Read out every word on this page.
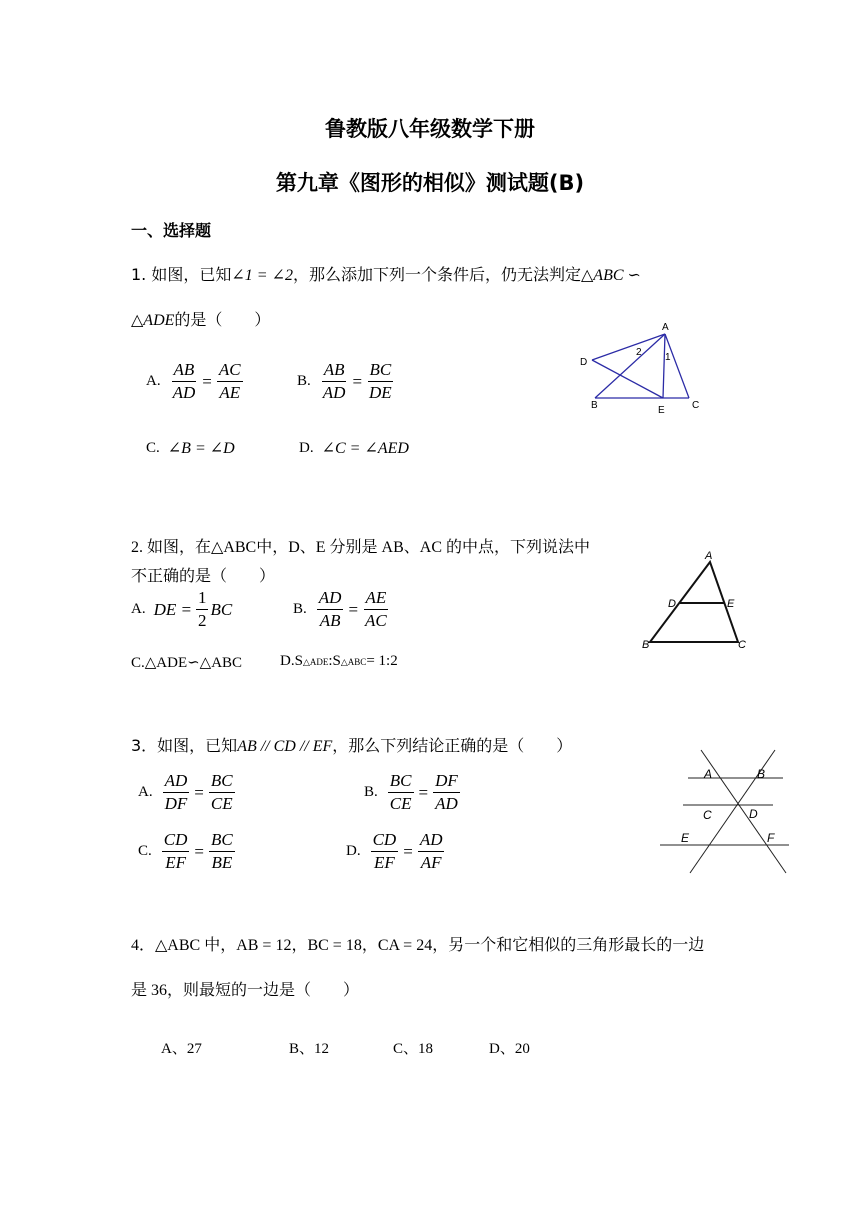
鲁教版八年级数学下册
第九章《图形的相似》测试题(B)
一、选择题
1. 如图，已知∠1 = ∠2，那么添加下列一个条件后，仍无法判定△ABC ∽
△ADE的是（　　）
A. $\frac{AB}{AD} = \frac{AC}{AE}$	B. $\frac{AB}{AD} = \frac{BC}{DE}$
C. ∠B = ∠D	D. ∠C = ∠AED
A
D
B	E	C
2 1
2. 如图，在△ABC中，D、E 分别是 AB、AC 的中点，下列说法中
不正确的是（　　）
A. DE = $\frac{1}{2}$ BC	B. $\frac{AD}{AB} = \frac{AE}{AC}$
C.△ADE∽△ABC	D.S△ADE:S△ABC= 1:2
A
D	E
B	C
3．如图，已知AB // CD // EF，那么下列结论正确的是（　　）
A. $\frac{AD}{DF} = \frac{BC}{CE}$	B. $\frac{BC}{CE} = \frac{DF}{AD}$
C. $\frac{CD}{EF} = \frac{BC}{BE}$	D. $\frac{CD}{EF} = \frac{AD}{AF}$
A	B
C	D
E	F
4．△ABC 中，AB = 12，BC = 18，CA = 24，另一个和它相似的三角形最长的一边
是 36，则最短的一边是（　　）
A、27	B、12	C、18	D、20
